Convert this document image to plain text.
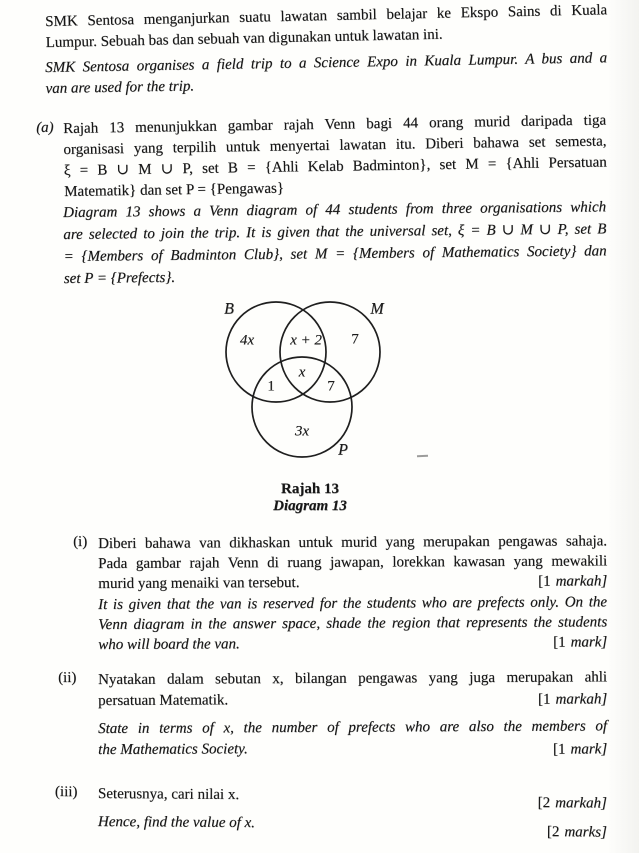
SMK Sentosa menganjurkan suatu lawatan sambil belajar ke Ekspo Sains di Kuala
Lumpur. Sebuah bas dan sebuah van digunakan untuk lawatan ini.
SMK Sentosa organises a field trip to a Science Expo in Kuala Lumpur. A bus and a
van are used for the trip.
(a) Rajah 13 menunjukkan gambar rajah Venn bagi 44 orang murid daripada tiga
organisasi yang terpilih untuk menyertai lawatan itu. Diberi bahawa set semesta,
ξ = B ∪ M ∪ P, set B = {Ahli Kelab Badminton}, set M = {Ahli Persatuan
Matematik} dan set P = {Pengawas}
Diagram 13 shows a Venn diagram of 44 students from three organisations which
are selected to join the trip. It is given that the universal set, ξ = B ∪ M ∪ P, set B
= {Members of Badminton Club}, set M = {Members of Mathematics Society} dan
set P = {Prefects}.
B	M
P
4x x + 2 7
x
1	7
3x
Rajah 13
Diagram 13
(i) Diberi bahawa van dikhaskan untuk murid yang merupakan pengawas sahaja.
Pada gambar rajah Venn di ruang jawapan, lorekkan kawasan yang mewakili
murid yang menaiki van tersebut.	[1 markah]
It is given that the van is reserved for the students who are prefects only. On the
Venn diagram in the answer space, shade the region that represents the students
who will board the van.	[1 mark]
(ii) Nyatakan dalam sebutan x, bilangan pengawas yang juga merupakan ahli
persatuan Matematik.	[1 markah]
State in terms of x, the number of prefects who are also the members of
the Mathematics Society.	[1 mark]
(iii) Seterusnya, cari nilai x.
[2 markah]
Hence, find the value of x.
[2 marks]
